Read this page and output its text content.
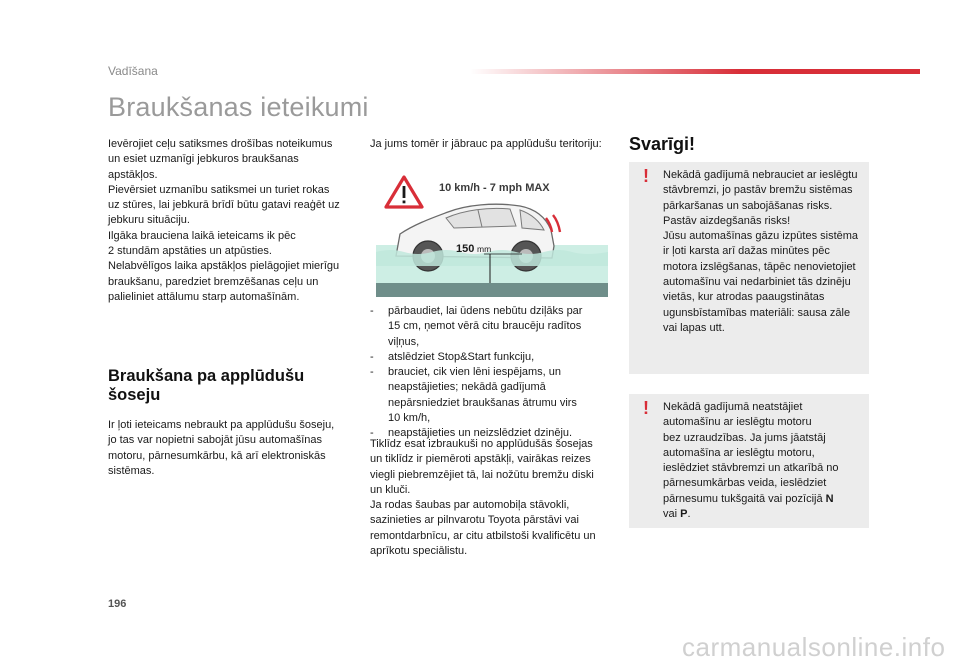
Vadīšana
Braukšanas ieteikumi

Ievērojiet ceļu satiksmes drošības noteikumus

un esiet uzmanīgi jebkuros braukšanas

apstākļos.

Pievērsiet uzmanību satiksmei un turiet rokas

uz stūres, lai jebkurā brīdī būtu gatavi reaģēt uz

jebkuru situāciju.

Ilgāka brauciena laikā ieteicams ik pēc

2 stundām apstāties un atpūsties.

Nelabvēlīgos laika apstākļos pielāgojiet mierīgu

braukšanu, paredziet bremzēšanas ceļu un

palieliniet attālumu starp automašīnām.

Braukšana pa applūdušu
šoseju

Ir ļoti ieteicams nebraukt pa applūdušu šoseju,

jo tas var nopietni sabojāt jūsu automašīnas

motoru, pārnesumkārbu, kā arī elektroniskās

sistēmas.

Ja jums tomēr ir jābrauc pa applūdušu teritoriju:

10 km/h - 7 mph MAX
150 mm
- pārbaudiet, lai ūdens nebūtu dziļāks par
15 cm, ņemot vērā citu braucēju radītos
viļņus,
- atslēdziet Stop&Start funkciju,
- brauciet, cik vien lēni iespējams, un
neapstājieties; nekādā gadījumā
nepārsniedziet braukšanas ātrumu virs
10 km/h,
- neapstājieties un neizslēdziet dzinēju.

Tiklīdz esat izbraukuši no applūdušās šosejas

un tiklīdz ir piemēroti apstākļi, vairākas reizes

viegli piebremzējiet tā, lai nožūtu bremžu diski

un kluči.

Ja rodas šaubas par automobiļa stāvokli,

sazinieties ar pilnvarotu Toyota pārstāvi vai

remontdarbnīcu, ar citu atbilstoši kvalificētu un

aprīkotu speciālistu.

Svarīgi!
! Nekādā gadījumā nebrauciet ar ieslēgtu
stāvbremzi, jo pastāv bremžu sistēmas
pārkaršanas un sabojāšanas risks.
Pastāv aizdegšanās risks!
Jūsu automašīnas gāzu izpūtes sistēma
ir ļoti karsta arī dažas minūtes pēc
motora izslēgšanas, tāpēc nenovietojiet
automašīnu vai nedarbiniet tās dzinēju
vietās, kur atrodas paaugstinātas
ugunsbīstamības materiāli: sausa zāle
vai lapas utt.
! Nekādā gadījumā neatstājiet
automašīnu ar ieslēgtu motoru
bez uzraudzības. Ja jums jāatstāj
automašīna ar ieslēgtu motoru,
ieslēdziet stāvbremzi un atkarībā no
pārnesumkārbas veida, ieslēdziet
pārnesumu tukšgaitā vai pozīcijā N
vai P.
196
carmanualsonline.info
